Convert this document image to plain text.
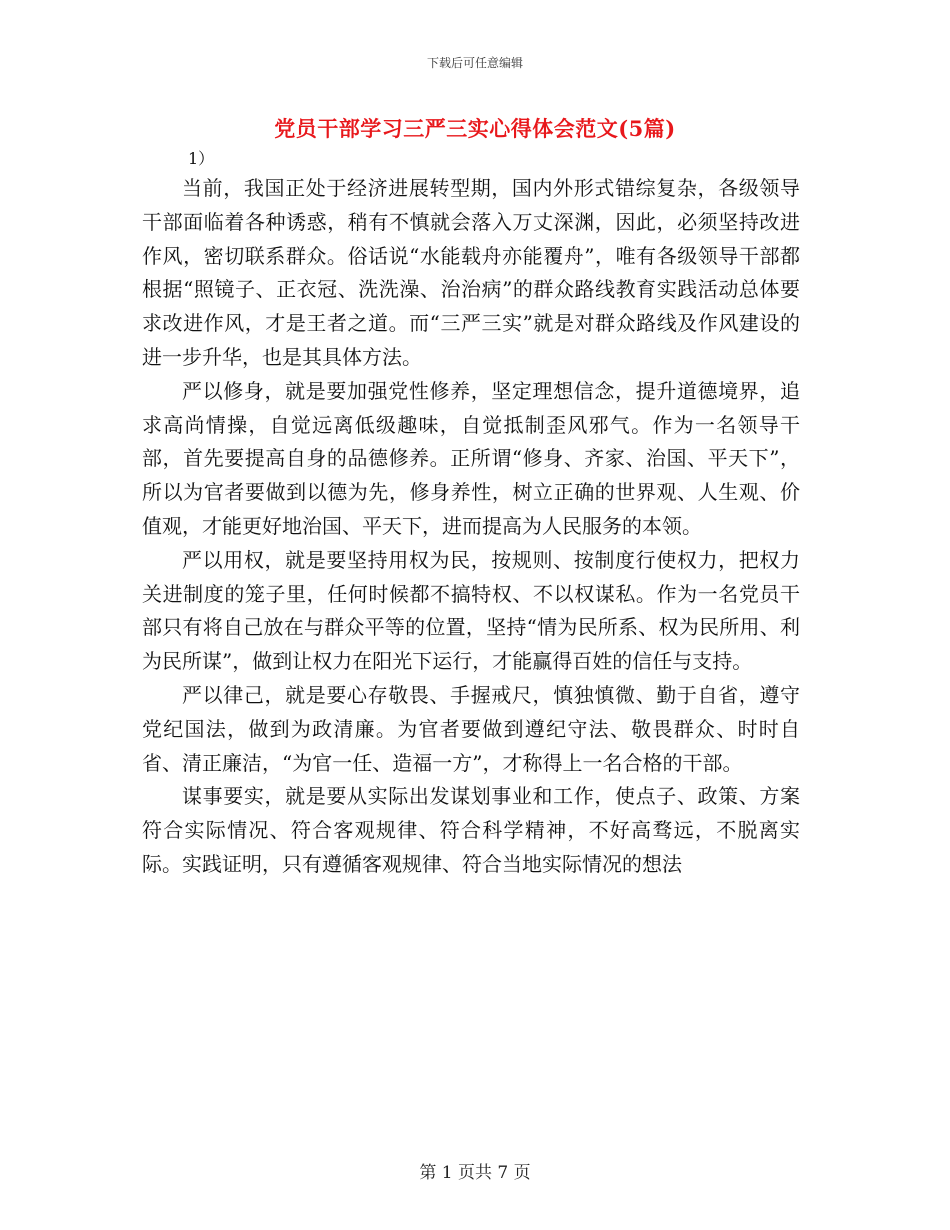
下载后可任意编辑
党员干部学习三严三实心得体会范文(5篇)
1）

当前，我国正处于经济进展转型期，国内外形式错综复杂，各级领导干部面临着各种诱惑，稍有不慎就会落入万丈深渊，因此，必须坚持改进作风，密切联系群众。俗话说“水能载舟亦能覆舟”，唯有各级领导干部都根据“照镜子、正衣冠、洗洗澡、治治病”的群众路线教育实践活动总体要求改进作风，才是王者之道。而“三严三实”就是对群众路线及作风建设的进一步升华，也是其具体方法。

严以修身，就是要加强党性修养，坚定理想信念，提升道德境界，追求高尚情操，自觉远离低级趣味，自觉抵制歪风邪气。作为一名领导干部，首先要提高自身的品德修养。正所谓“修身、齐家、治国、平天下”，所以为官者要做到以德为先，修身养性，树立正确的世界观、人生观、价值观，才能更好地治国、平天下，进而提高为人民服务的本领。

严以用权，就是要坚持用权为民，按规则、按制度行使权力，把权力关进制度的笼子里，任何时候都不搞特权、不以权谋私。作为一名党员干部只有将自己放在与群众平等的位置，坚持“情为民所系、权为民所用、利为民所谋”，做到让权力在阳光下运行，才能赢得百姓的信任与支持。

严以律己，就是要心存敬畏、手握戒尺，慎独慎微、勤于自省，遵守党纪国法，做到为政清廉。为官者要做到遵纪守法、敬畏群众、时时自省、清正廉洁，“为官一任、造福一方”，才称得上一名合格的干部。

谋事要实，就是要从实际出发谋划事业和工作，使点子、政策、方案符合实际情况、符合客观规律、符合科学精神，不好高骛远，不脱离实际。实践证明，只有遵循客观规律、符合当地实际情况的想法

第 1 页共 7 页
